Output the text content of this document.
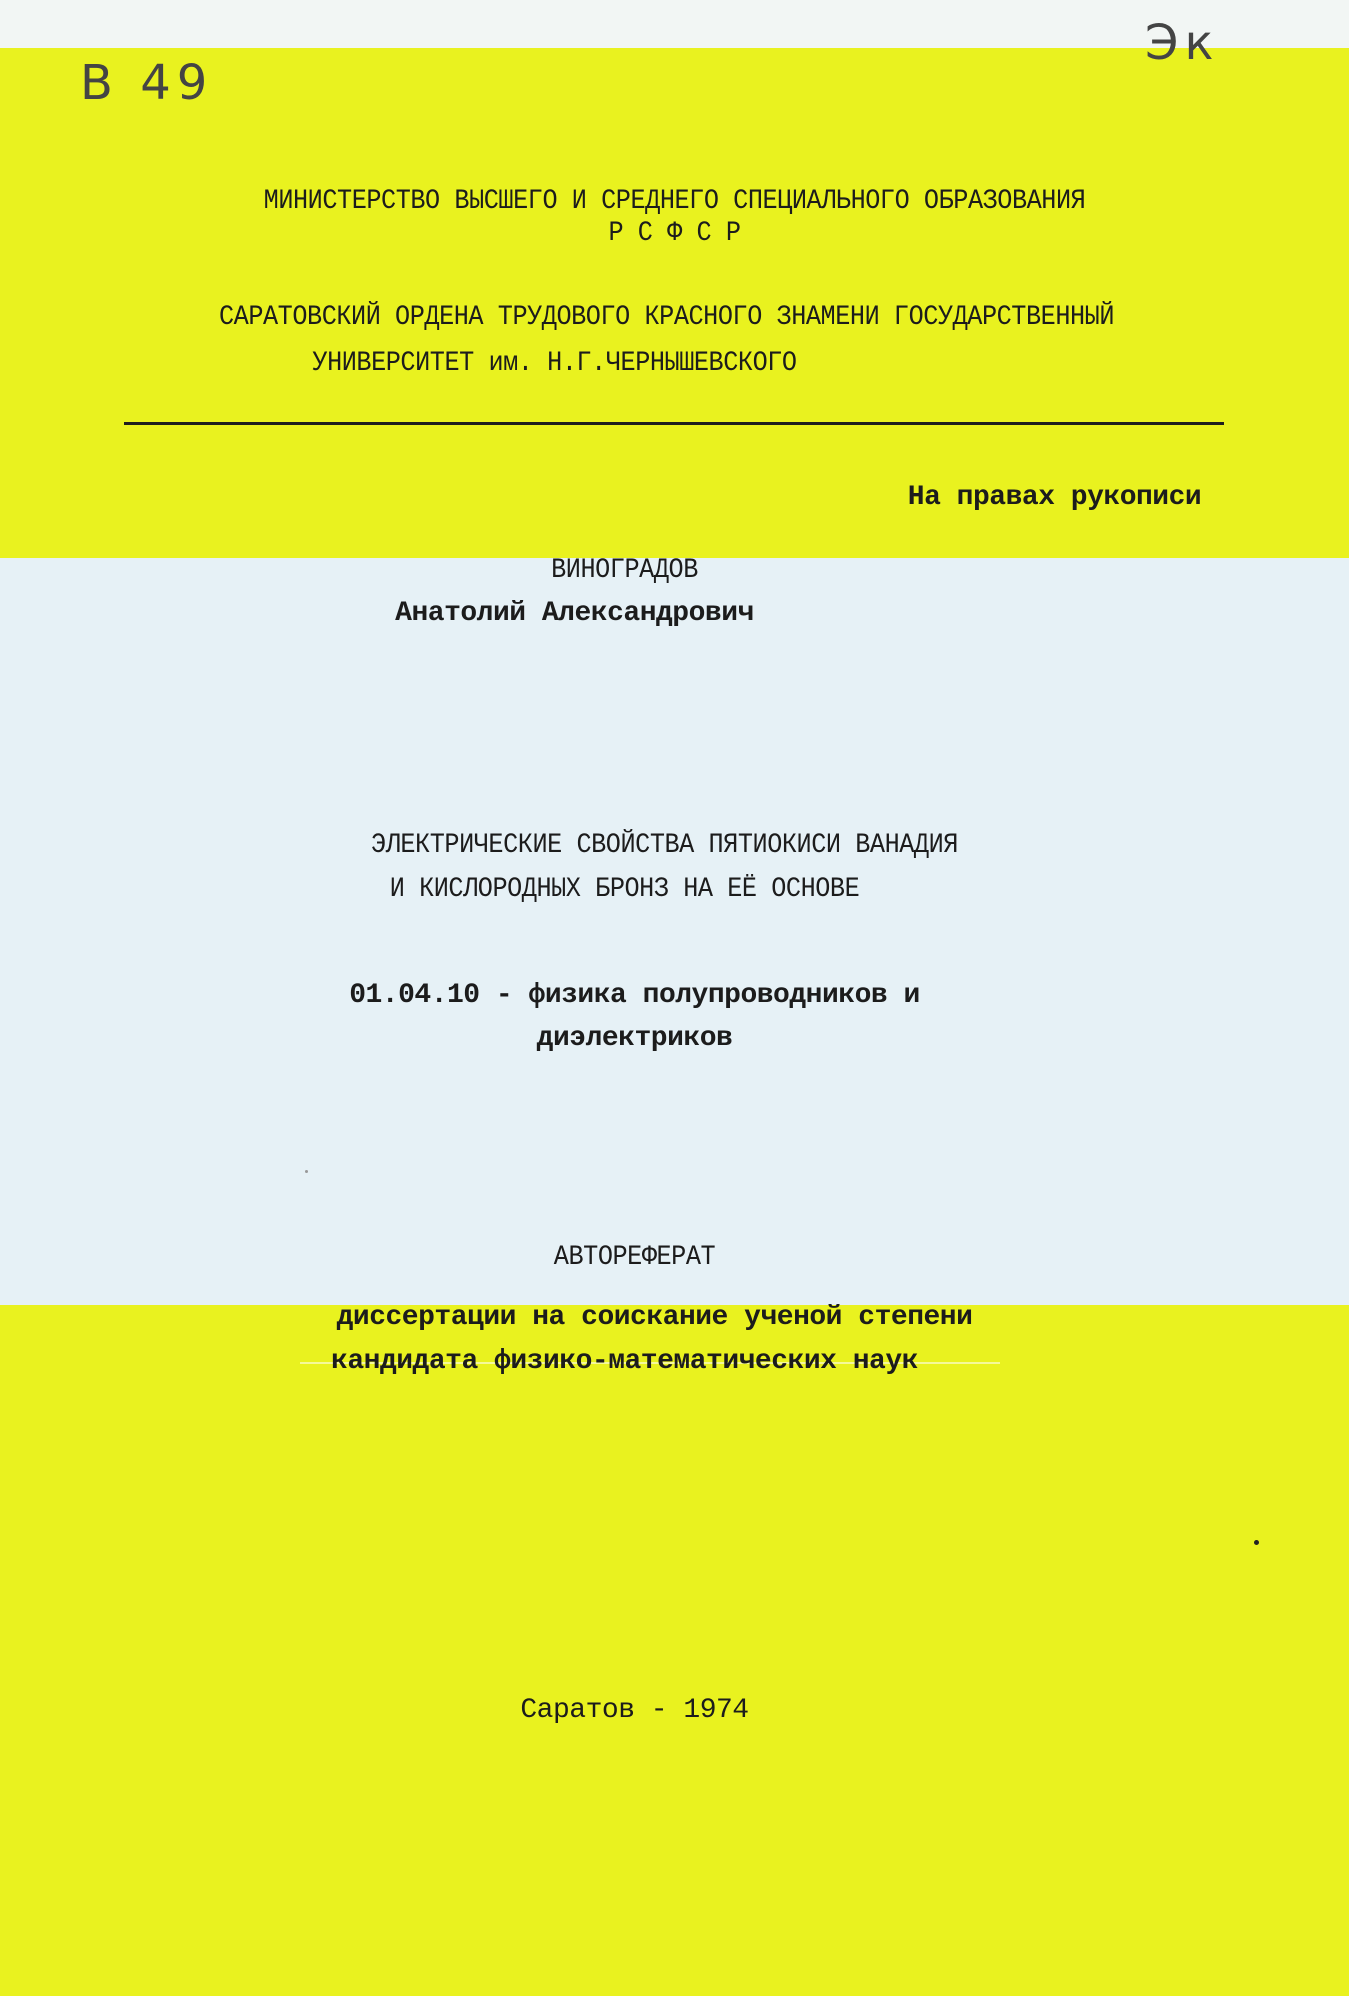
В 49
Эк
МИНИСТЕРСТВО ВЫСШЕГО И СРЕДНЕГО СПЕЦИАЛЬНОГО ОБРАЗОВАНИЯ
Р С Ф С Р
САРАТОВСКИЙ ОРДЕНА ТРУДОВОГО КРАСНОГО ЗНАМЕНИ ГОСУДАРСТВЕННЫЙ
УНИВЕРСИТЕТ им. Н.Г.ЧЕРНЫШЕВСКОГО
На правах рукописи
ВИНОГРАДОВ
Анатолий Александрович
ЭЛЕКТРИЧЕСКИЕ СВОЙСТВА ПЯТИОКИСИ ВАНАДИЯ
И КИСЛОРОДНЫХ БРОНЗ НА ЕЁ ОСНОВЕ
01.04.10 - физика полупроводников и
диэлектриков
АВТОРЕФЕРАТ
диссертации на соискание ученой степени
кандидата физико-математических наук
Саратов - 1974
